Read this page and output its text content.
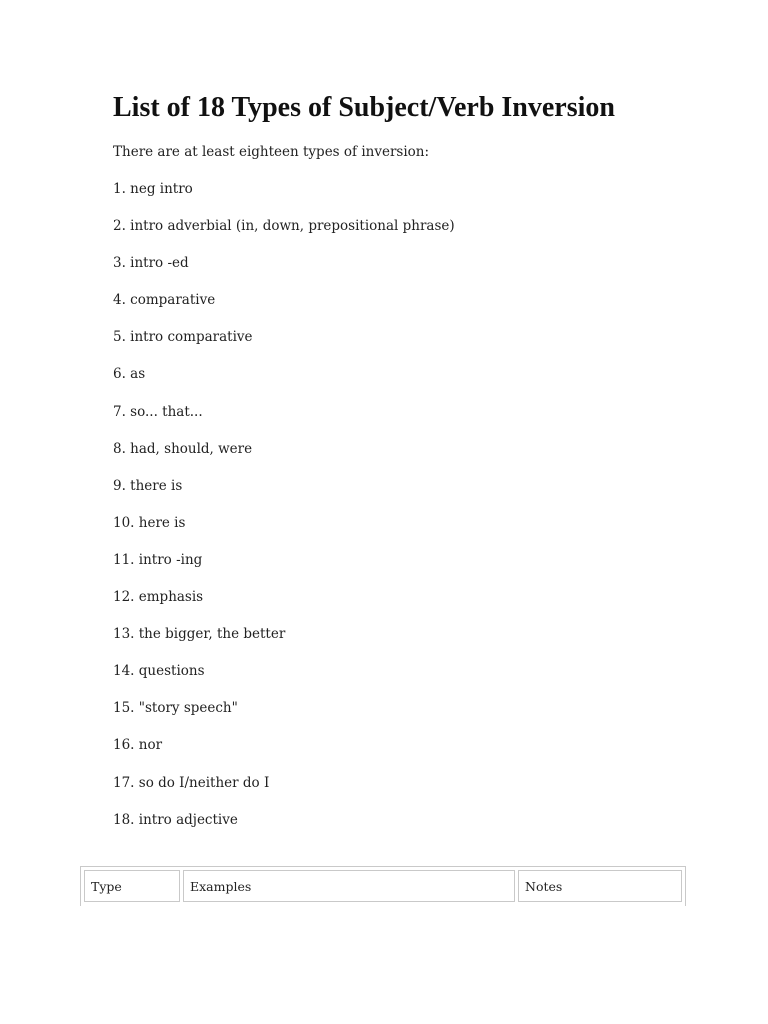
List of 18 Types of Subject/Verb Inversion

There are at least eighteen types of inversion:

1. neg intro
2. intro adverbial (in, down, prepositional phrase)
3. intro -ed
4. comparative
5. intro comparative
6. as
7. so... that...
8. had, should, were
9. there is
10. here is
11. intro -ing
12. emphasis
13. the bigger, the better
14. questions
15. "story speech"
16. nor
17. so do I/neither do I
18. intro adjective
Type	Examples	Notes
